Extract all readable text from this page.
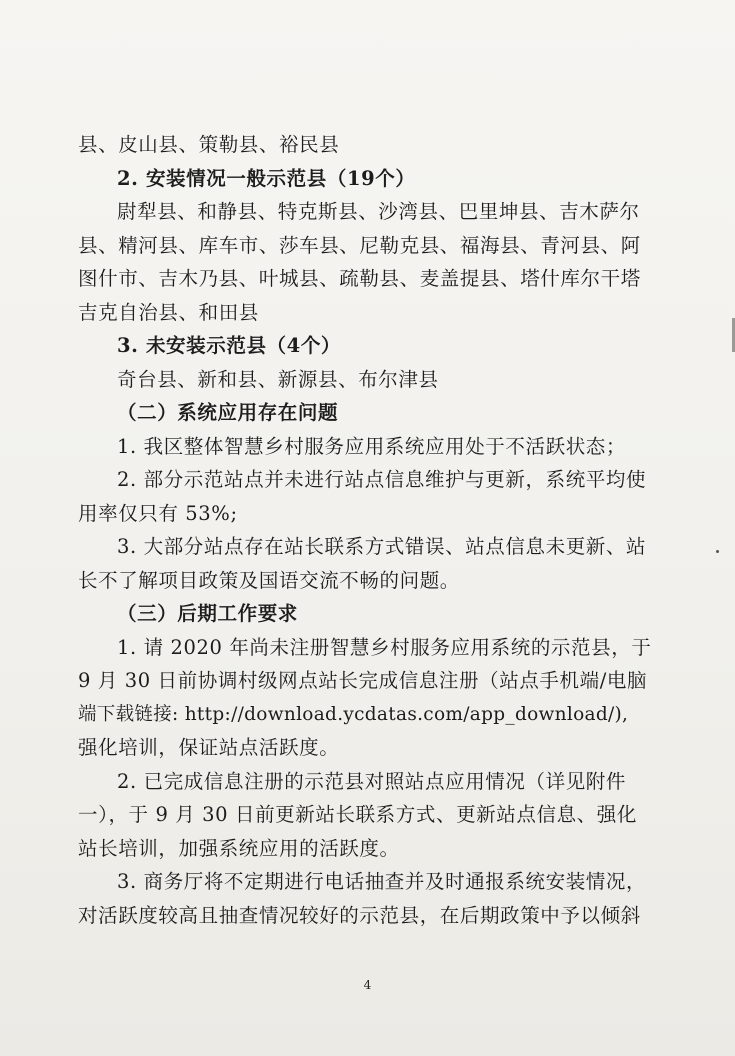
县、皮山县、策勒县、裕民县

2. 安装情况一般示范县（19个）

尉犁县、和静县、特克斯县、沙湾县、巴里坤县、吉木萨尔

县、精河县、库车市、莎车县、尼勒克县、福海县、青河县、阿

图什市、吉木乃县、叶城县、疏勒县、麦盖提县、塔什库尔干塔

吉克自治县、和田县

3. 未安装示范县（4个）

奇台县、新和县、新源县、布尔津县

（二）系统应用存在问题

1. 我区整体智慧乡村服务应用系统应用处于不活跃状态；

2. 部分示范站点并未进行站点信息维护与更新，系统平均使

用率仅只有 53%;

3. 大部分站点存在站长联系方式错误、站点信息未更新、站

长不了解项目政策及国语交流不畅的问题。

（三）后期工作要求

1. 请 2020 年尚未注册智慧乡村服务应用系统的示范县，于

9 月 30 日前协调村级网点站长完成信息注册（站点手机端/电脑

端下载链接: http://download.ycdatas.com/app_download/),

强化培训，保证站点活跃度。

2. 已完成信息注册的示范县对照站点应用情况（详见附件

一），于 9 月 30 日前更新站长联系方式、更新站点信息、强化

站长培训，加强系统应用的活跃度。

3. 商务厅将不定期进行电话抽查并及时通报系统安装情况，

对活跃度较高且抽查情况较好的示范县，在后期政策中予以倾斜

4
